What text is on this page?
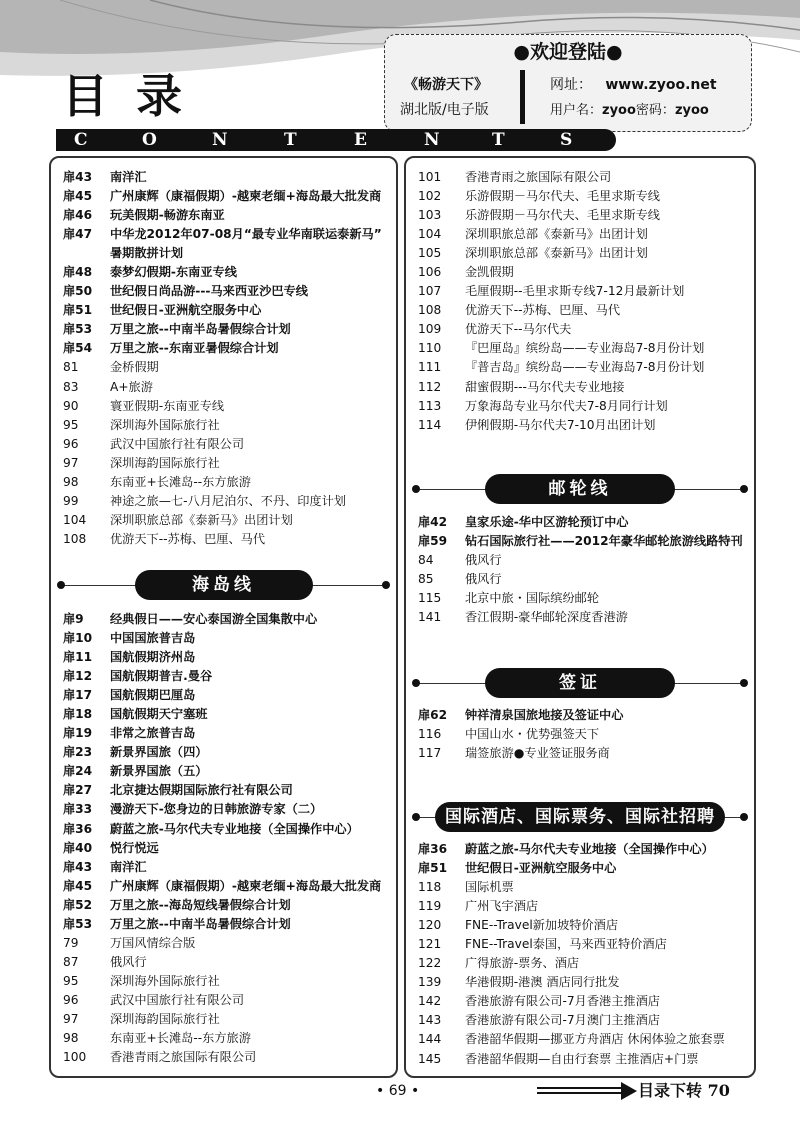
目 录
●欢迎登陆●
《畅游天下》
湖北版/电子版
网址： www.zyoo.net
用户名：zyoo密码：zyoo
C	O	N	T	E	N	T	S
扉43 南洋汇
扉45 广州康辉（康福假期）-越柬老缅+海岛最大批发商
扉46 玩美假期-畅游东南亚
扉47 中华龙2012年07-08月“最专业华南联运泰新马”
暑期散拼计划
扉48 泰梦幻假期-东南亚专线
扉50 世纪假日尚品游---马来西亚沙巴专线
扉51 世纪假日-亚洲航空服务中心
扉53 万里之旅--中南半岛暑假综合计划
扉54 万里之旅--东南亚暑假综合计划
81	金桥假期
83	A+旅游
90	寰亚假期-东南亚专线
95	深圳海外国际旅行社
96	武汉中国旅行社有限公司
97	深圳海韵国际旅行社
98	东南亚+长滩岛--东方旅游
99	神途之旅—七-八月尼泊尔、不丹、印度计划
104 深圳职旅总部《泰新马》出团计划
108 优游天下--苏梅、巴厘、马代
海岛线
扉9 经典假日——安心泰国游全国集散中心
扉10 中国国旅普吉岛
扉11 国航假期济州岛
扉12 国航假期普吉.曼谷
扉17 国航假期巴厘岛
扉18 国航假期天宁塞班
扉19 非常之旅普吉岛
扉23 新景界国旅（四）
扉24 新景界国旅（五）
扉27 北京捷达假期国际旅行社有限公司
扉33 漫游天下-您身边的日韩旅游专家（二）
扉36 蔚蓝之旅-马尔代夫专业地接（全国操作中心）
扉40 悦行悦远
扉43 南洋汇
扉45 广州康辉（康福假期）-越柬老缅+海岛最大批发商
扉52 万里之旅--海岛短线暑假综合计划
扉53 万里之旅--中南半岛暑假综合计划
79	万国风情综合版
87	俄风行
95	深圳海外国际旅行社
96	武汉中国旅行社有限公司
97	深圳海韵国际旅行社
98	东南亚+长滩岛--东方旅游
100 香港青雨之旅国际有限公司
101 香港青雨之旅国际有限公司
102 乐游假期－马尔代夫、毛里求斯专线
103 乐游假期－马尔代夫、毛里求斯专线
104 深圳职旅总部《泰新马》出团计划
105 深圳职旅总部《泰新马》出团计划
106 金凯假期
107 毛厘假期--毛里求斯专线7-12月最新计划
108 优游天下--苏梅、巴厘、马代
109 优游天下--马尔代夫
110 『巴厘岛』缤纷岛——专业海岛7-8月份计划
111 『普吉岛』缤纷岛——专业海岛7-8月份计划
112 甜蜜假期---马尔代夫专业地接
113 万象海岛专业马尔代夫7-8月同行计划
114 伊俐假期-马尔代夫7-10月出团计划
邮轮线
扉42 皇家乐途-华中区游轮预订中心
扉59 钻石国际旅行社——2012年豪华邮轮旅游线路特刊
84	俄风行
85	俄风行
115 北京中旅・国际缤纷邮轮
141 香江假期-豪华邮轮深度香港游
签证
扉62 钟祥清泉国旅地接及签证中心
116 中国山水・优势强签天下
117 瑞签旅游●专业签证服务商
国际酒店、国际票务、国际社招聘
扉36 蔚蓝之旅-马尔代夫专业地接（全国操作中心）
扉51 世纪假日-亚洲航空服务中心
118 国际机票
119 广州飞宇酒店
120 FNE--Travel新加坡特价酒店
121 FNE--Travel泰国，马来西亚特价酒店
122 广得旅游-票务、酒店
139 华港假期-港澳 酒店同行批发
142 香港旅游有限公司-7月香港主推酒店
143 香港旅游有限公司-7月澳门主推酒店
144 香港韶华假期—挪亚方舟酒店 休闲体验之旅套票
145 香港韶华假期—自由行套票 主推酒店+门票
• 69 •	目录下转 70
